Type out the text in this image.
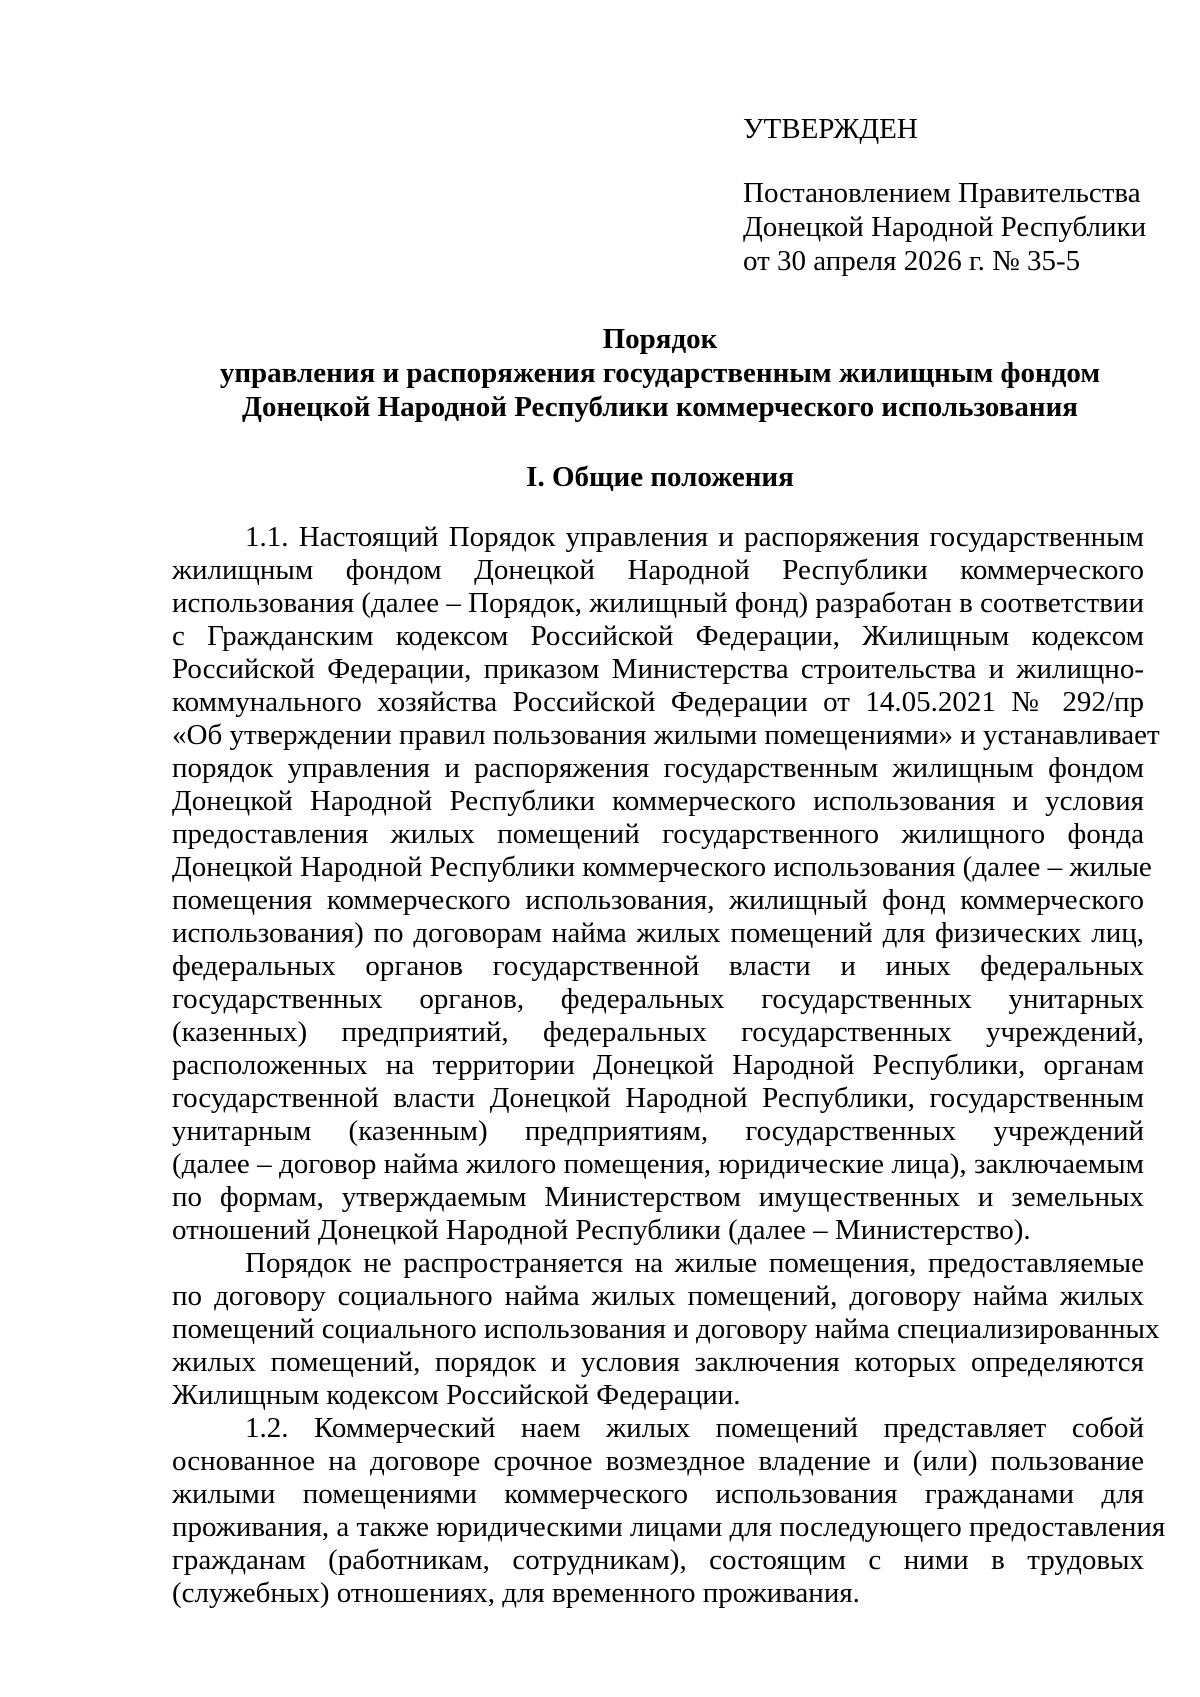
УТВЕРЖДЕН
Постановлением Правительства
Донецкой Народной Республики
от 30 апреля 2026 г. № 35-5
Порядок
управления и распоряжения государственным жилищным фондом
Донецкой Народной Республики коммерческого использования
I. Общие положения
1.1. Настоящий Порядок управления и распоряжения государственным
жилищным фондом Донецкой Народной Республики коммерческого
использования (далее – Порядок, жилищный фонд) разработан в соответствии
с Гражданским кодексом Российской Федерации, Жилищным кодексом
Российской Федерации, приказом Министерства строительства и жилищно-
коммунального хозяйства Российской Федерации от 14.05.2021 № 292/пр
«Об утверждении правил пользования жилыми помещениями» и устанавливает
порядок управления и распоряжения государственным жилищным фондом
Донецкой Народной Республики коммерческого использования и условия
предоставления жилых помещений государственного жилищного фонда
Донецкой Народной Республики коммерческого использования (далее – жилые
помещения коммерческого использования, жилищный фонд коммерческого
использования) по договорам найма жилых помещений для физических лиц,
федеральных органов государственной власти и иных федеральных
государственных органов, федеральных государственных унитарных
(казенных) предприятий, федеральных государственных учреждений,
расположенных на территории Донецкой Народной Республики, органам
государственной власти Донецкой Народной Республики, государственным
унитарным (казенным) предприятиям, государственных учреждений
(далее – договор найма жилого помещения, юридические лица), заключаемым
по формам, утверждаемым Министерством имущественных и земельных
отношений Донецкой Народной Республики (далее – Министерство).
Порядок не распространяется на жилые помещения, предоставляемые
по договору социального найма жилых помещений, договору найма жилых
помещений социального использования и договору найма специализированных
жилых помещений, порядок и условия заключения которых определяются
Жилищным кодексом Российской Федерации.
1.2. Коммерческий наем жилых помещений представляет собой
основанное на договоре срочное возмездное владение и (или) пользование
жилыми помещениями коммерческого использования гражданами для
проживания, а также юридическими лицами для последующего предоставления
гражданам (работникам, сотрудникам), состоящим с ними в трудовых
(служебных) отношениях, для временного проживания.
